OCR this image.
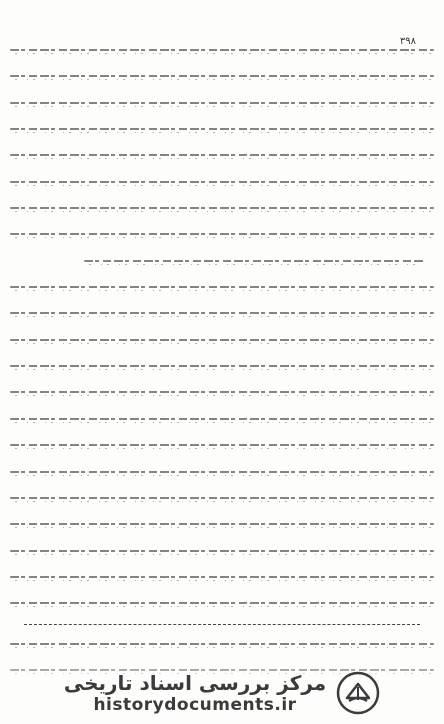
۳۹۸
مرکز بررسی اسناد تاریخی
historydocuments.ir
